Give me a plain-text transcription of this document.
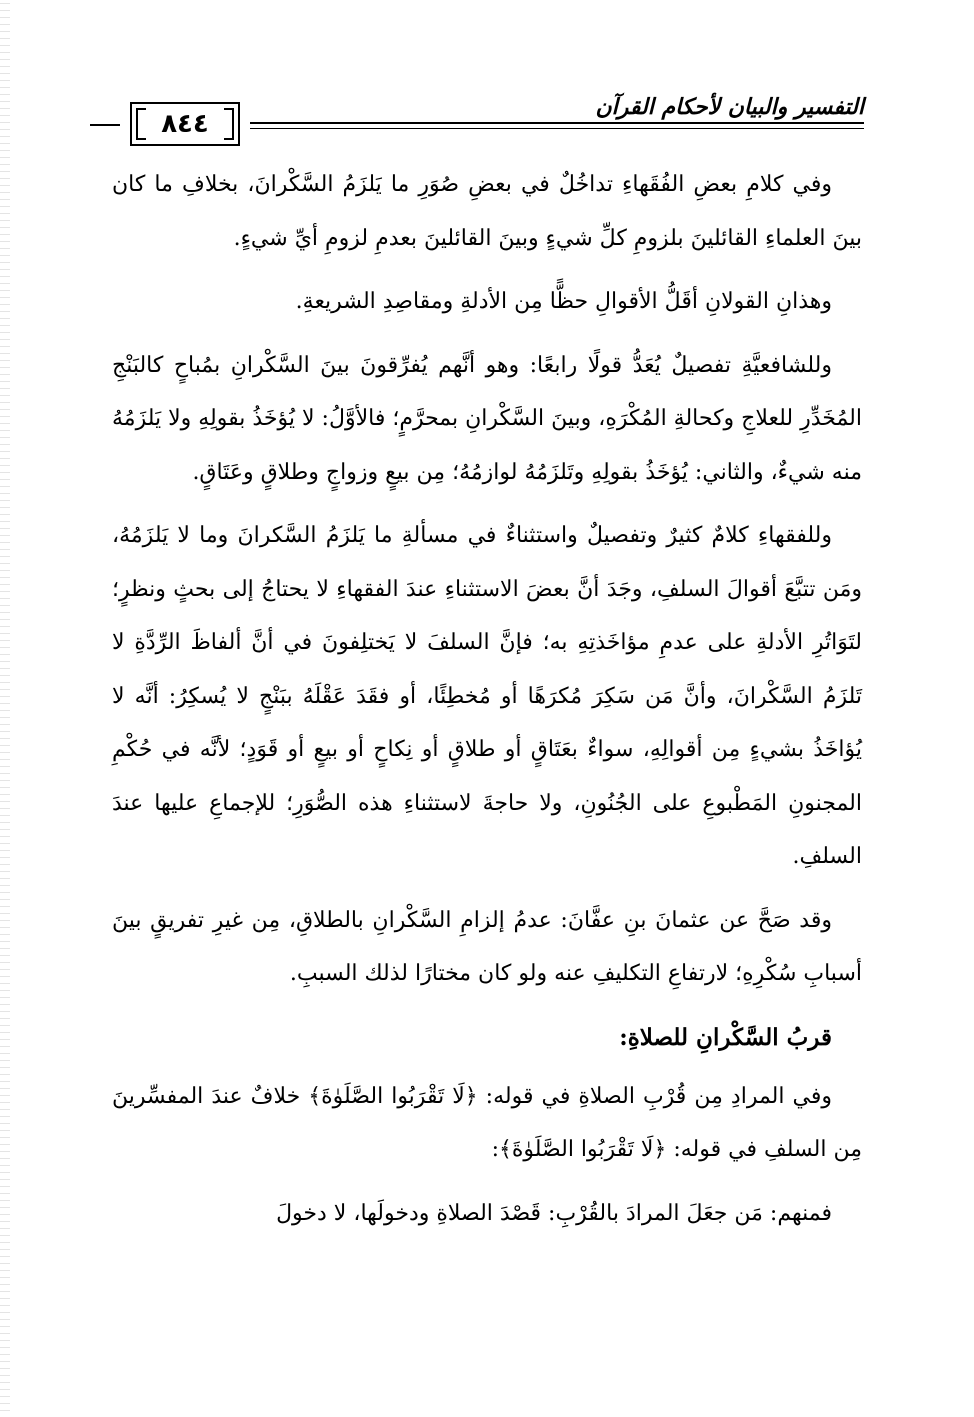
التفسير والبيان لأحكام القرآن
٨٤٤

وفي كلامِ بعضِ الفُقَهاءِ تداخُلٌ في بعضِ صُوَرِ ما يَلزَمُ السَّكْرانَ، بخلافِ ما كان بينَ العلماءِ القائلينَ بلزومِ كلِّ شيءٍ وبينَ القائلينَ بعدمِ لزومِ أيِّ شيءٍ.

وهذانِ القولانِ أقَلُّ الأقوالِ حظًّا مِن الأدلةِ ومقاصِدِ الشريعةِ.

وللشافعيَّةِ تفصيلٌ يُعَدُّ قولًا رابعًا: وهو أنَّهم يُفرِّقونَ بينَ السَّكْرانِ بمُباحٍ كالبَنْجِ المُخَدِّرِ للعلاجِ وكحالةِ المُكْرَهِ، وبينَ السَّكْرانِ بمحرَّمٍ؛ فالأوَّلُ: لا يُؤخَذُ بقولِهِ ولا يَلزَمُهُ منه شيءٌ، والثاني: يُؤخَذُ بقولِهِ وتَلزَمُهُ لوازمُهُ؛ مِن بيعٍ وزواجٍ وطلاقٍ وعَتَاقٍ.

وللفقهاءِ كلامٌ كثيرٌ وتفصيلٌ واستثناءٌ في مسألةِ ما يَلزَمُ السَّكرانَ وما لا يَلزَمُهُ، ومَن تتبَّعَ أقوالَ السلفِ، وجَدَ أنَّ بعضَ الاستثناءِ عندَ الفقهاءِ لا يحتاجُ إلى بحثٍ ونظرٍ؛ لتَوَاتُرِ الأدلةِ على عدمِ مؤاخَذتِهِ به؛ فإنَّ السلفَ لا يَختلِفونَ في أنَّ ألفاظَ الرِّدَّةِ لا تَلزَمُ السَّكْرانَ، وأنَّ مَن سَكِرَ مُكرَهًا أو مُخطِئًا، أو فقَدَ عَقْلَهُ ببَنْجٍ لا يُسكِرُ: أنَّه لا يُؤاخَذُ بشيءٍ مِن أقوالِهِ، سواءٌ بعَتَاقٍ أو طلاقٍ أو نِكاحٍ أو بيعٍ أو قَوَدٍ؛ لأنَّه في حُكْمِ المجنونِ المَطْبوعِ على الجُنُونِ، ولا حاجةَ لاستثناءِ هذه الصُّوَرِ؛ للإجماعِ عليها عندَ السلفِ.

وقد صَحَّ عن عثمانَ بنِ عفَّانَ: عدمُ إلزامِ السَّكْرانِ بالطلاقِ، مِن غيرِ تفريقٍ بينَ أسبابِ سُكْرِهِ؛ لارتفاعِ التكليفِ عنه ولو كان مختارًا لذلك السببِ.

قربُ السَّكْرانِ للصلاةِ:

وفي المرادِ مِن قُرْبِ الصلاةِ في قوله: ﴿لَا تَقْرَبُوا الصَّلَوٰةَ﴾ خلافٌ عندَ المفسِّرينَ مِن السلفِ في قوله: ﴿لَا تَقْرَبُوا الصَّلَوٰةَ﴾:

فمنهم: مَن جعَلَ المرادَ بالقُرْبِ: قَصْدَ الصلاةِ ودخولَها، لا دخولَ
